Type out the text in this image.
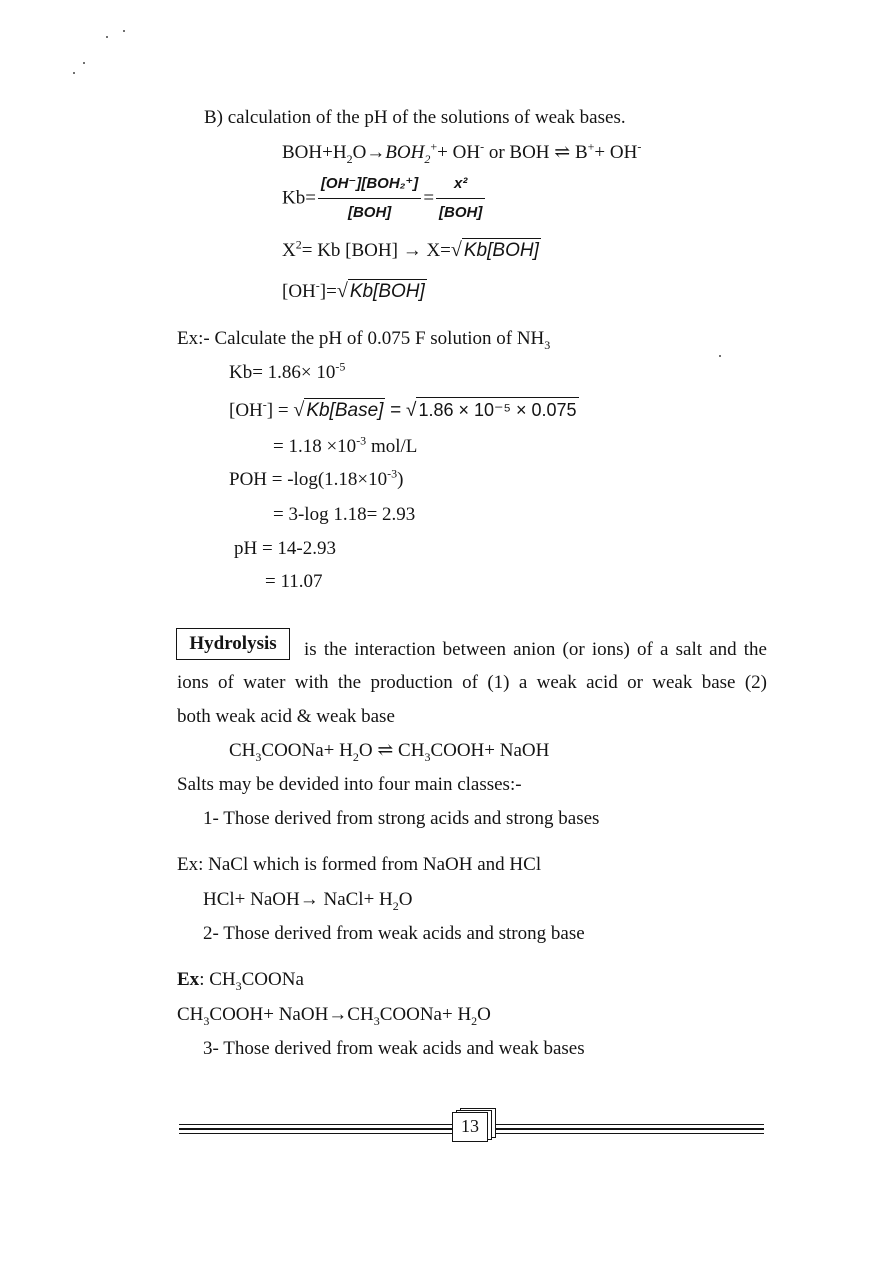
B) calculation of the pH of the solutions of weak bases.
$BOH+H_2O\to BOH_2^++ OH^-$ or BOH ⇌ B++ OH-
$Kb= \frac{\text{[OH⁻][BOH₂⁺]}}{\text{[BOH]}} = \frac{\text{x²}}{\text{[BOH]}}$
$X^2= Kb$ [BOH] → X=√ Kb[BOH]
[OH-]=√ Kb[BOH]
Ex:- Calculate the pH of 0.075 F solution of $NH_3$
$Kb= 1.86\times 10^{-5}$
[OH-] = √ Kb[Base] = √ 1.86 × 10⁻⁵ × 0.075
= $1.18 \times 10^{-3}$ mol/L
POH = $-\log(1.18\times 10^{-3})$
= 3-log 1.18= 2.93
pH = 14-2.93
= 11.07
Hydrolysis	is the interaction between anion (or ions) of a salt and the
ions of water with the production of (1) a weak acid or weak base (2)
both weak acid & weak base
$CH_3COONa+ H_2O$ ⇌ $CH_3COOH+$ NaOH
Salts may be devided into four main classes:-
1- Those derived from strong acids and strong bases
Ex: NaCl which is formed from NaOH and HCl
HCl+ NaOH→ NaCl+ $H_2O$
2- Those derived from weak acids and strong base
Ex: $CH_3COONa$
$CH_3COOH+$ $NaOH\to CH_3COONa+ H_2O$
3- Those derived from weak acids and weak bases
13
